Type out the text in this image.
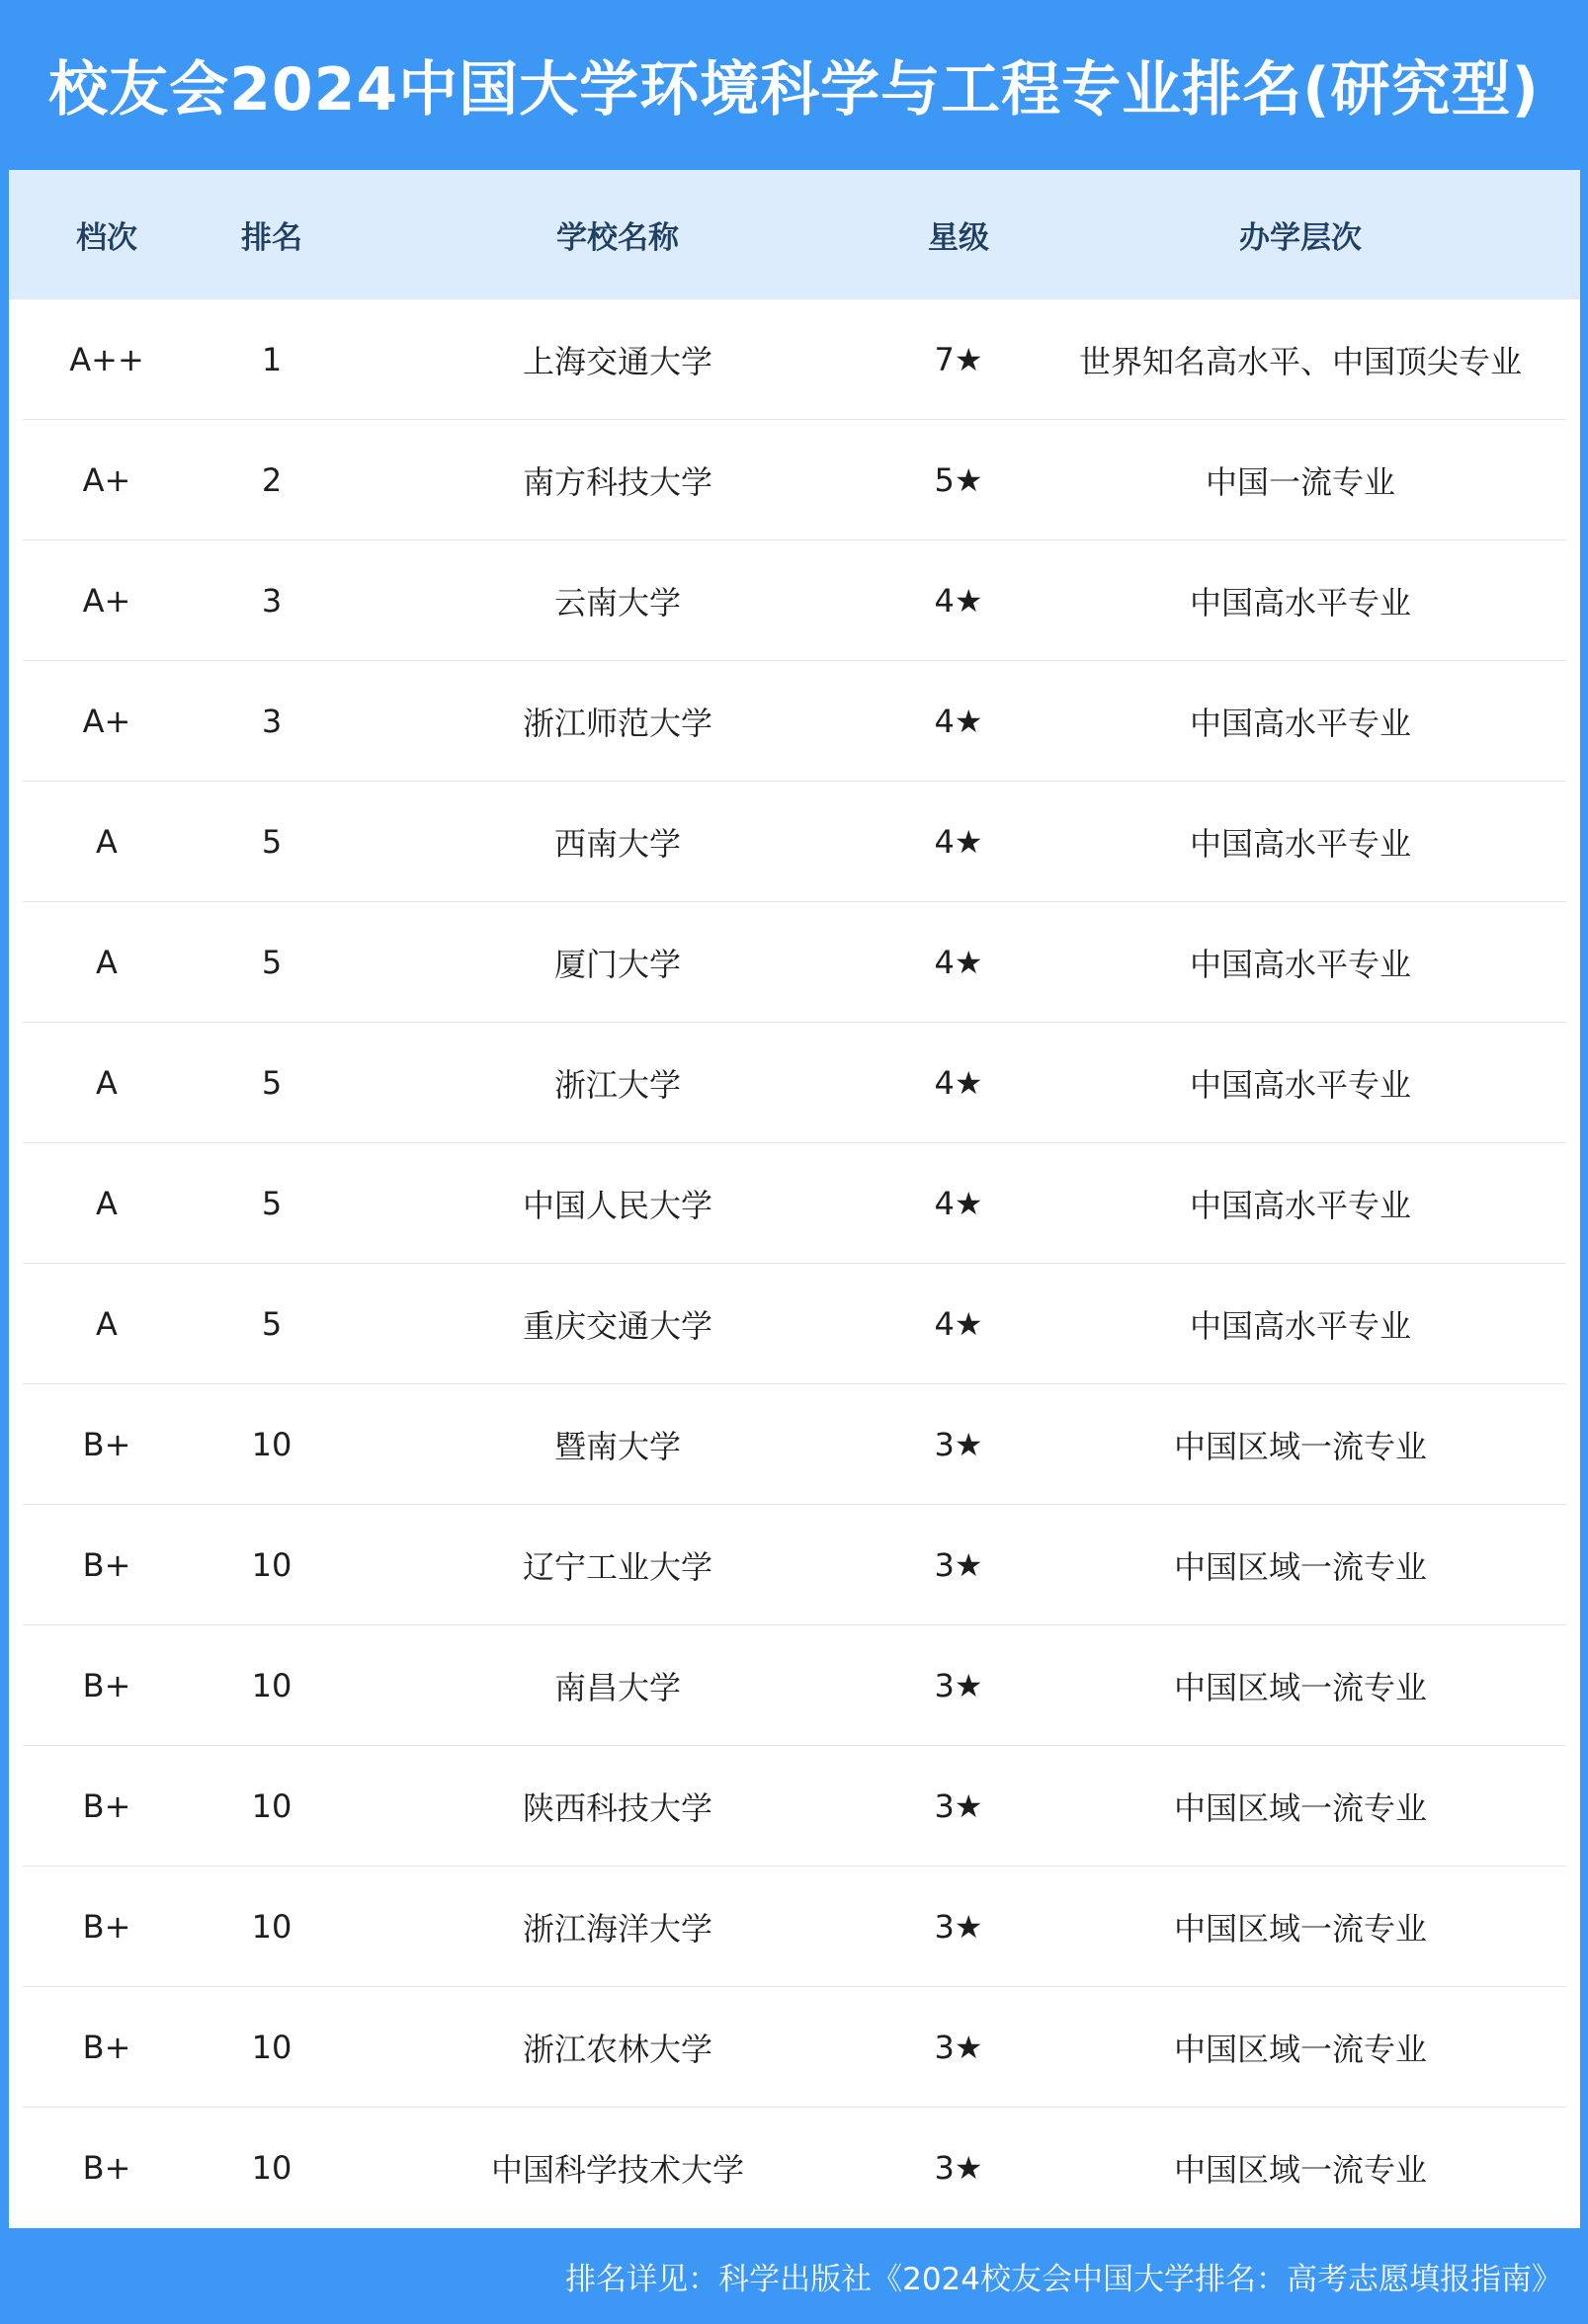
校友会2024中国大学环境科学与工程专业排名(研究型)
档次	排名	学校名称	星级	办学层次
A++	1	上海交通大学	7★	世界知名高水平、中国顶尖专业
A+	2	南方科技大学	5★	中国一流专业
A+	3	云南大学	4★	中国高水平专业
A+	3	浙江师范大学	4★	中国高水平专业
A	5	西南大学	4★	中国高水平专业
A	5	厦门大学	4★	中国高水平专业
A	5	浙江大学	4★	中国高水平专业
A	5	中国人民大学	4★	中国高水平专业
A	5	重庆交通大学	4★	中国高水平专业
B+	10	暨南大学	3★	中国区域一流专业
B+	10	辽宁工业大学	3★	中国区域一流专业
B+	10	南昌大学	3★	中国区域一流专业
B+	10	陕西科技大学	3★	中国区域一流专业
B+	10	浙江海洋大学	3★	中国区域一流专业
B+	10	浙江农林大学	3★	中国区域一流专业
B+	10	中国科学技术大学	3★	中国区域一流专业
排名详见：科学出版社《2024校友会中国大学排名：高考志愿填报指南》
